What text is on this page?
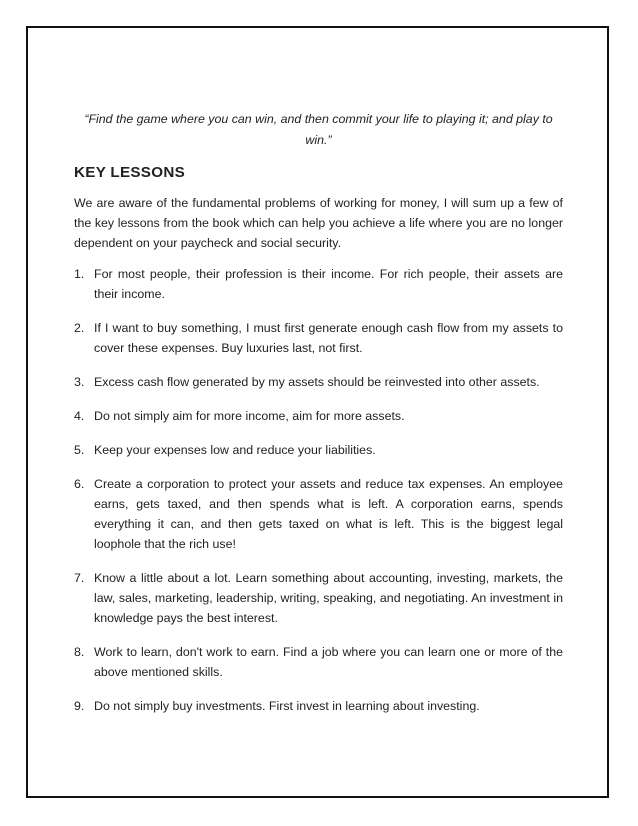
“Find the game where you can win, and then commit your life to playing it; and play to win.”

KEY LESSONS

We are aware of the fundamental problems of working for money, I will sum up a few of the key lessons from the book which can help you achieve a life where you are no longer dependent on your paycheck and social security.

1. For most people, their profession is their income. For rich people, their assets are their income.
2. If I want to buy something, I must first generate enough cash flow from my assets to cover these expenses. Buy luxuries last, not first.
3. Excess cash flow generated by my assets should be reinvested into other assets.
4. Do not simply aim for more income, aim for more assets.
5. Keep your expenses low and reduce your liabilities.
6. Create a corporation to protect your assets and reduce tax expenses. An employee earns, gets taxed, and then spends what is left. A corporation earns, spends everything it can, and then gets taxed on what is left. This is the biggest legal loophole that the rich use!
7. Know a little about a lot. Learn something about accounting, investing, markets, the law, sales, marketing, leadership, writing, speaking, and negotiating. An investment in knowledge pays the best interest.
8. Work to learn, don't work to earn. Find a job where you can learn one or more of the above mentioned skills.
9. Do not simply buy investments. First invest in learning about investing.
